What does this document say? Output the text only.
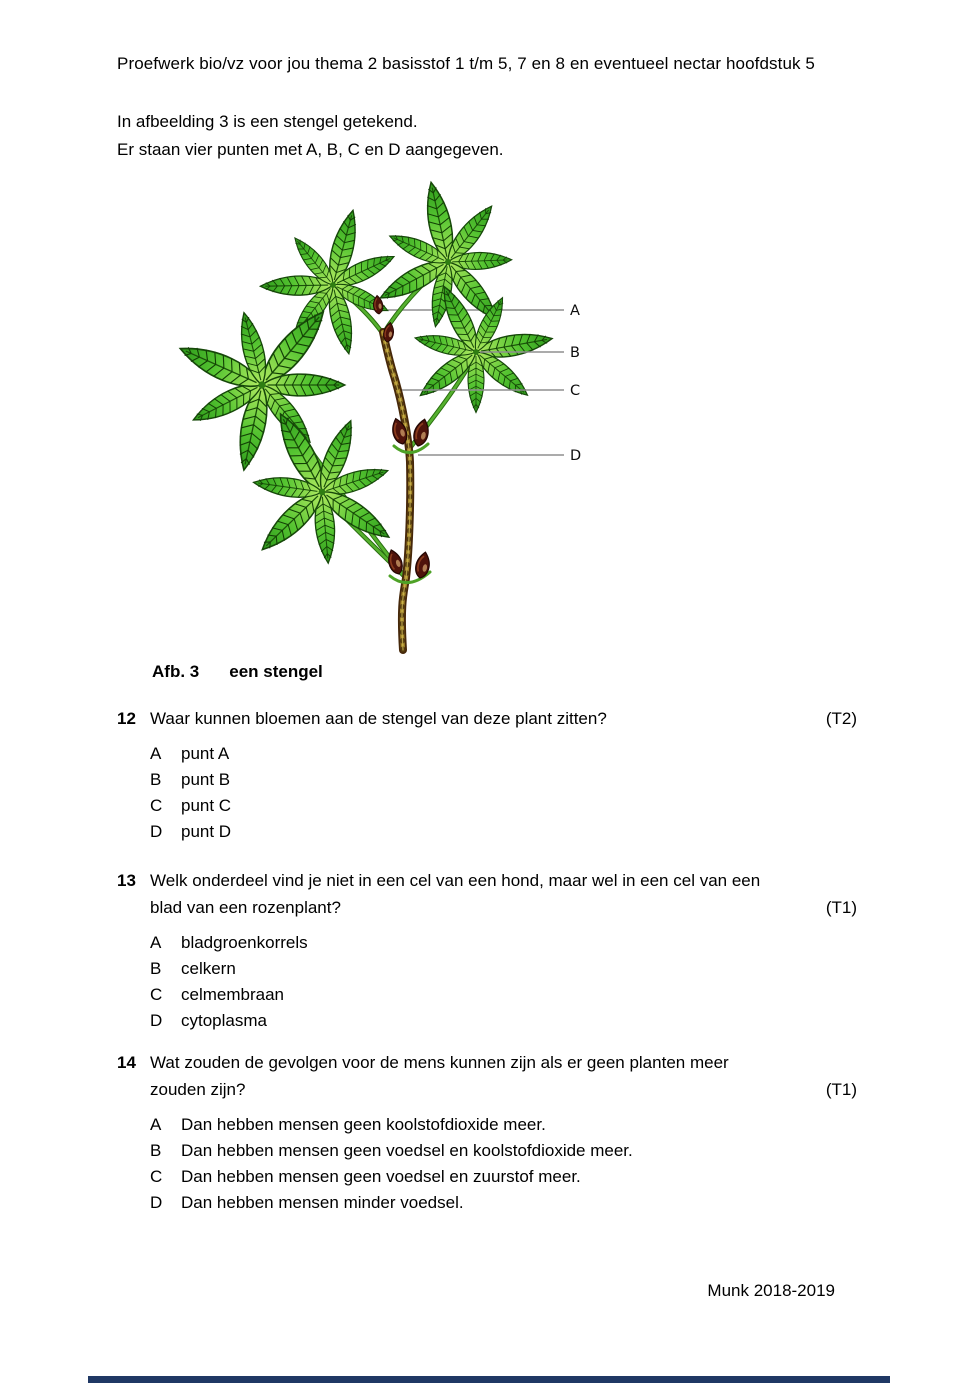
Proefwerk bio/vz voor jou thema 2 basisstof 1 t/m 5, 7 en 8 en eventueel nectar hoofdstuk 5
In afbeelding 3 is een stengel getekend.
Er staan vier punten met A, B, C en D aangegeven.
A
B
C
D
Afb. 3 een stengel
12 Waar kunnen bloemen aan de stengel van deze plant zitten?	(T2)
A punt A
B punt B
C punt C
D punt D
13 Welk onderdeel vind je niet in een cel van een hond, maar wel in een cel van een
blad van een rozenplant?	(T1)
A bladgroenkorrels
B celkern
C celmembraan
D cytoplasma
14 Wat zouden de gevolgen voor de mens kunnen zijn als er geen planten meer
zouden zijn?	(T1)
A Dan hebben mensen geen koolstofdioxide meer.
B Dan hebben mensen geen voedsel en koolstofdioxide meer.
C Dan hebben mensen geen voedsel en zuurstof meer.
D Dan hebben mensen minder voedsel.
Munk 2018-2019
